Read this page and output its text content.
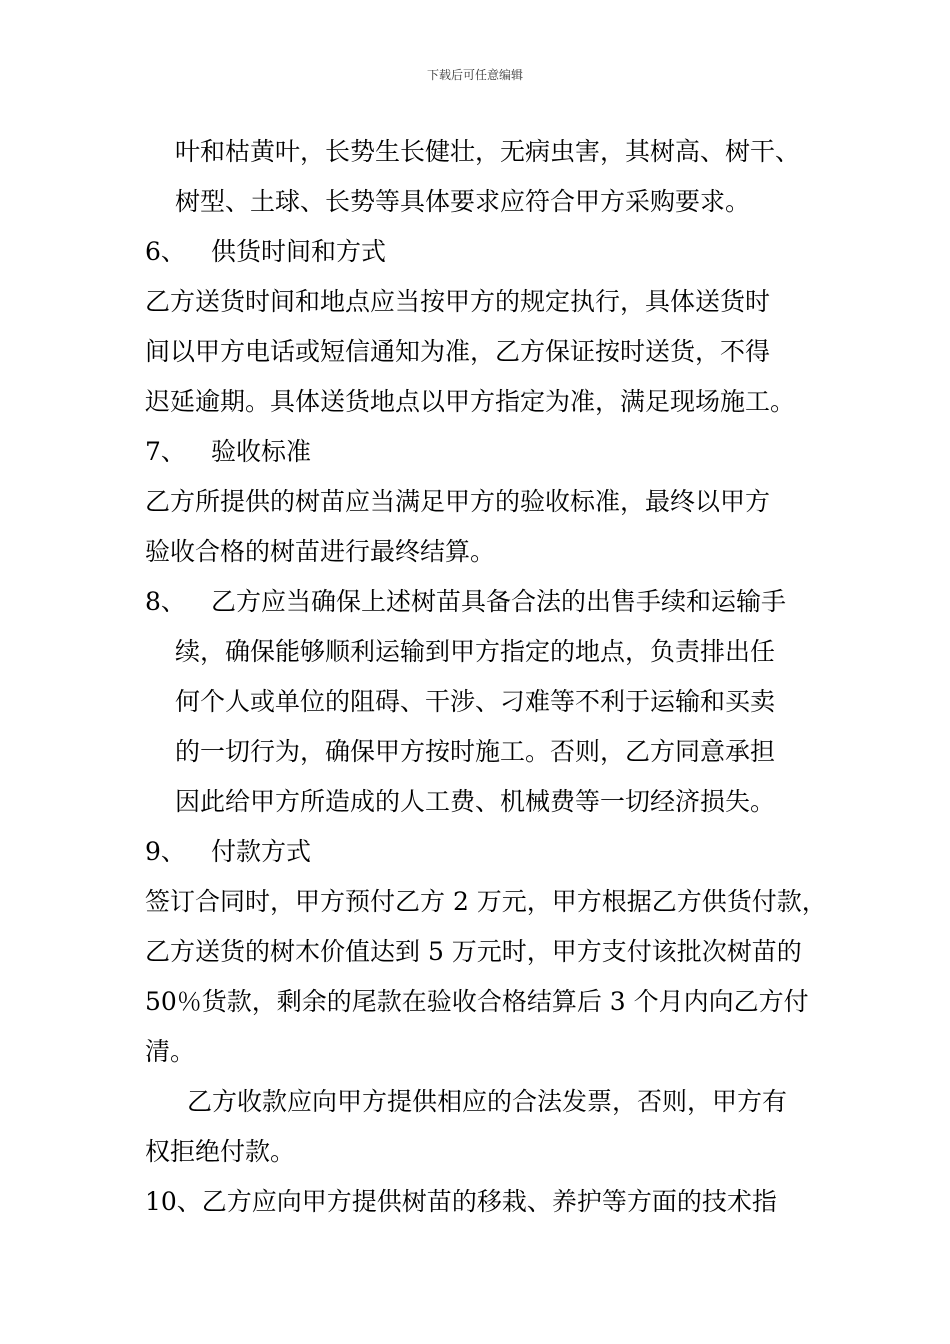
下载后可任意编辑
叶和枯黄叶，长势生长健壮，无病虫害，其树高、树干、
树型、土球、长势等具体要求应符合甲方采购要求。
6、 供货时间和方式
乙方送货时间和地点应当按甲方的规定执行，具体送货时
间以甲方电话或短信通知为准，乙方保证按时送货，不得
迟延逾期。具体送货地点以甲方指定为准，满足现场施工。
7、 验收标准
乙方所提供的树苗应当满足甲方的验收标准，最终以甲方
验收合格的树苗进行最终结算。
8、 乙方应当确保上述树苗具备合法的出售手续和运输手
续，确保能够顺利运输到甲方指定的地点，负责排出任
何个人或单位的阻碍、干涉、刁难等不利于运输和买卖
的一切行为，确保甲方按时施工。否则，乙方同意承担
因此给甲方所造成的人工费、机械费等一切经济损失。
9、 付款方式
签订合同时，甲方预付乙方 2 万元，甲方根据乙方供货付款，
乙方送货的树木价值达到 5 万元时，甲方支付该批次树苗的
50％货款，剩余的尾款在验收合格结算后 3 个月内向乙方付
清。
乙方收款应向甲方提供相应的合法发票，否则，甲方有
权拒绝付款。
10、乙方应向甲方提供树苗的移栽、养护等方面的技术指
